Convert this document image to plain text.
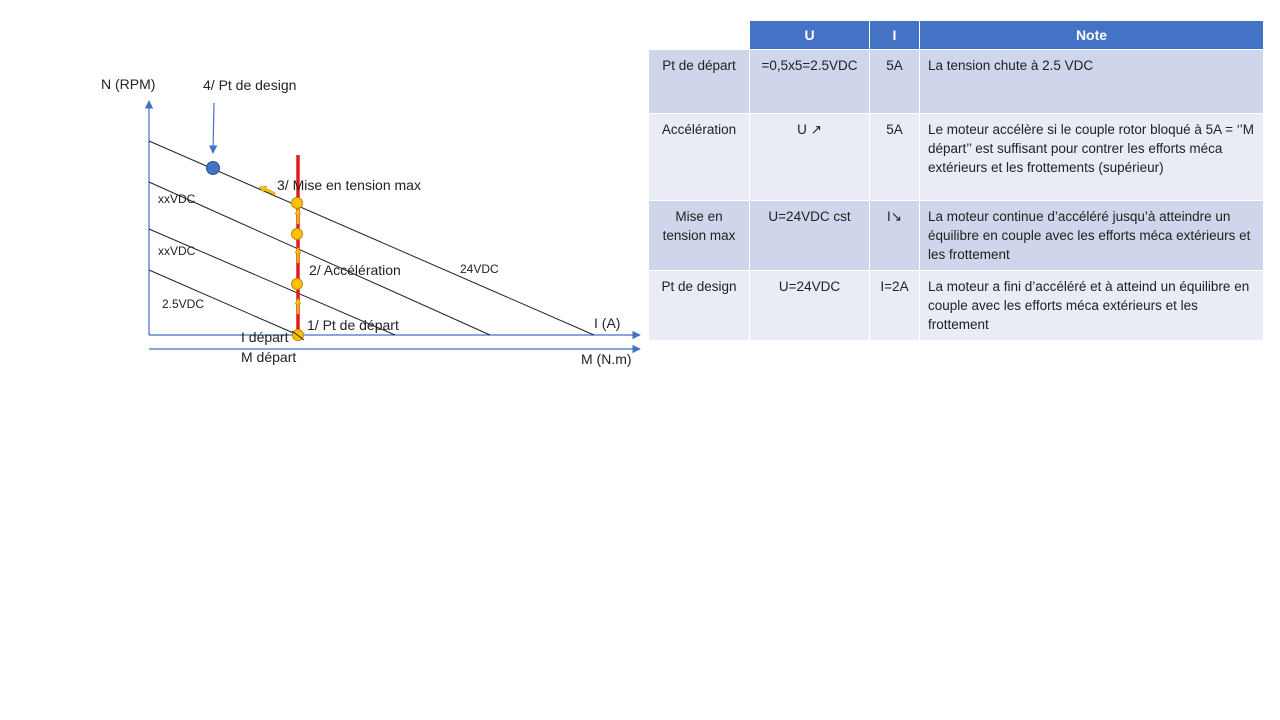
N (RPM)	4/ Pt de design
3/ Mise en tension max
2/ Accélération
1/ Pt de départ
xxVDC
xxVDC
2.5VDC
24VDC
I (A)
M (N.m)
I départ
M départ
	U	I	Note
Pt de départ	=0,5x5=2.5VDC	5A	La tension chute à 2.5 VDC
Accélération	U ↗	5A	Le moteur accélère si le couple rotor bloqué à 5A = ‘’M départ’’ est suffisant pour contrer les efforts méca extérieurs et les frottements (supérieur)
Mise en tension max	U=24VDC cst	I↘	La moteur continue d’accéléré jusqu’à atteindre un équilibre en couple avec les efforts méca extérieurs et les frottement
Pt de design	U=24VDC	I=2A	La moteur a fini d’accéléré et à atteind un équilibre en couple avec les efforts méca extérieurs et les frottement
